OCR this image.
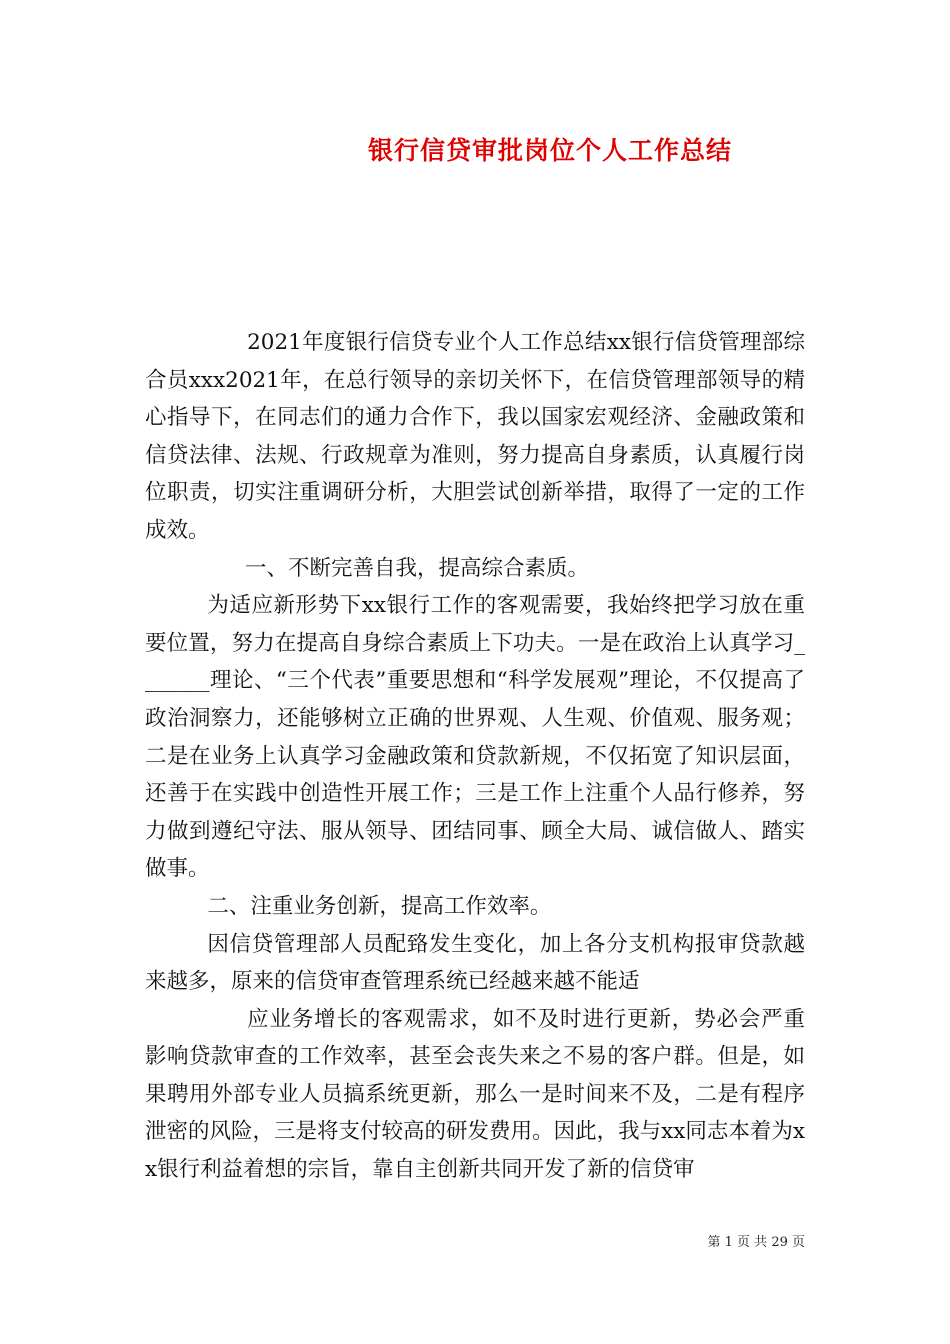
银行信贷审批岗位个人工作总结

2021年度银行信贷专业个人工作总结xx银行信贷管理部综合员xxx2021年，在总行领导的亲切关怀下，在信贷管理部领导的精心指导下，在同志们的通力合作下，我以国家宏观经济、金融政策和信贷法律、法规、行政规章为准则，努力提高自身素质，认真履行岗位职责，切实注重调研分析，大胆尝试创新举措，取得了一定的工作成效。

一、不断完善自我，提高综合素质。

为适应新形势下xx银行工作的客观需要，我始终把学习放在重要位置，努力在提高自身综合素质上下功夫。一是在政治上认真学习_______理论、“三个代表”重要思想和“科学发展观”理论，不仅提高了政治洞察力，还能够树立正确的世界观、人生观、价值观、服务观；二是在业务上认真学习金融政策和贷款新规，不仅拓宽了知识层面，还善于在实践中创造性开展工作；三是工作上注重个人品行修养，努力做到遵纪守法、服从领导、团结同事、顾全大局、诚信做人、踏实做事。

二、注重业务创新，提高工作效率。

因信贷管理部人员配臵发生变化，加上各分支机构报审贷款越来越多，原来的信贷审查管理系统已经越来越不能适

应业务增长的客观需求，如不及时进行更新，势必会严重影响贷款审查的工作效率，甚至会丧失来之不易的客户群。但是，如果聘用外部专业人员搞系统更新，那么一是时间来不及，二是有程序泄密的风险，三是将支付较高的研发费用。因此，我与xx同志本着为xx银行利益着想的宗旨，靠自主创新共同开发了新的信贷审

第 1 页 共 29 页
